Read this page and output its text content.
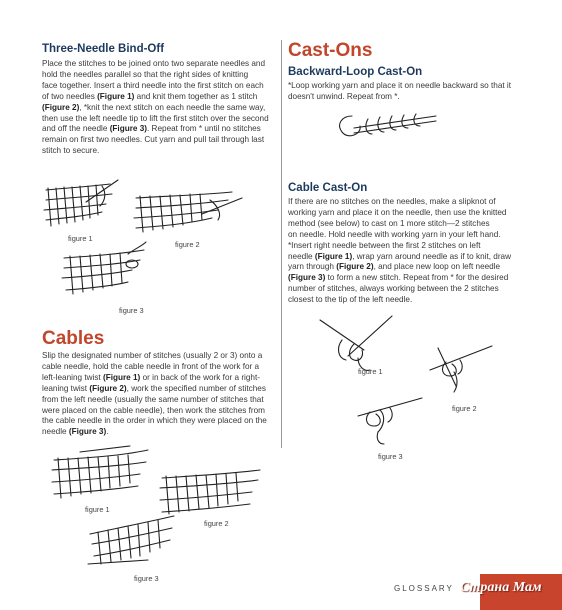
Three-Needle Bind-Off
Place the stitches to be joined onto two separate needles and
hold the needles parallel so that the right sides of knitting
face together. Insert a third needle into the first stitch on each
of two needles (Figure 1) and knit them together as 1 stitch
(Figure 2), *knit the next stitch on each needle the same way,
then use the left needle tip to lift the first stitch over the second
and off the needle (Figure 3). Repeat from * until no stitches
remain on first two needles. Cut yarn and pull tail through last
stitch to secure.
figure 1
figure 2
figure 3
Cables
Slip the designated number of stitches (usually 2 or 3) onto a
cable needle, hold the cable needle in front of the work for a
left-leaning twist (Figure 1) or in back of the work for a right-
leaning twist (Figure 2), work the specified number of stitches
from the left needle (usually the same number of stitches that
were placed on the cable needle), then work the stitches from
the cable needle in the order in which they were placed on the
needle (Figure 3).
figure 1
figure 2
figure 3
Cast-Ons
Backward-Loop Cast-On
*Loop working yarn and place it on needle backward so that it
doesn't unwind. Repeat from *.
Cable Cast-On
If there are no stitches on the needles, make a slipknot of
working yarn and place it on the needle, then use the knitted
method (see below) to cast on 1 more stitch—2 stitches
on needle. Hold needle with working yarn in your left hand.
*Insert right needle between the first 2 stitches on left
needle (Figure 1), wrap yarn around needle as if to knit, draw
yarn through (Figure 2), and place new loop on left needle
(Figure 3) to form a new stitch. Repeat from * for the desired
number of stitches, always working between the 2 stitches
closest to the tip of the left needle.
figure 1
figure 2
figure 3
GLOSSARY Страна Мам
